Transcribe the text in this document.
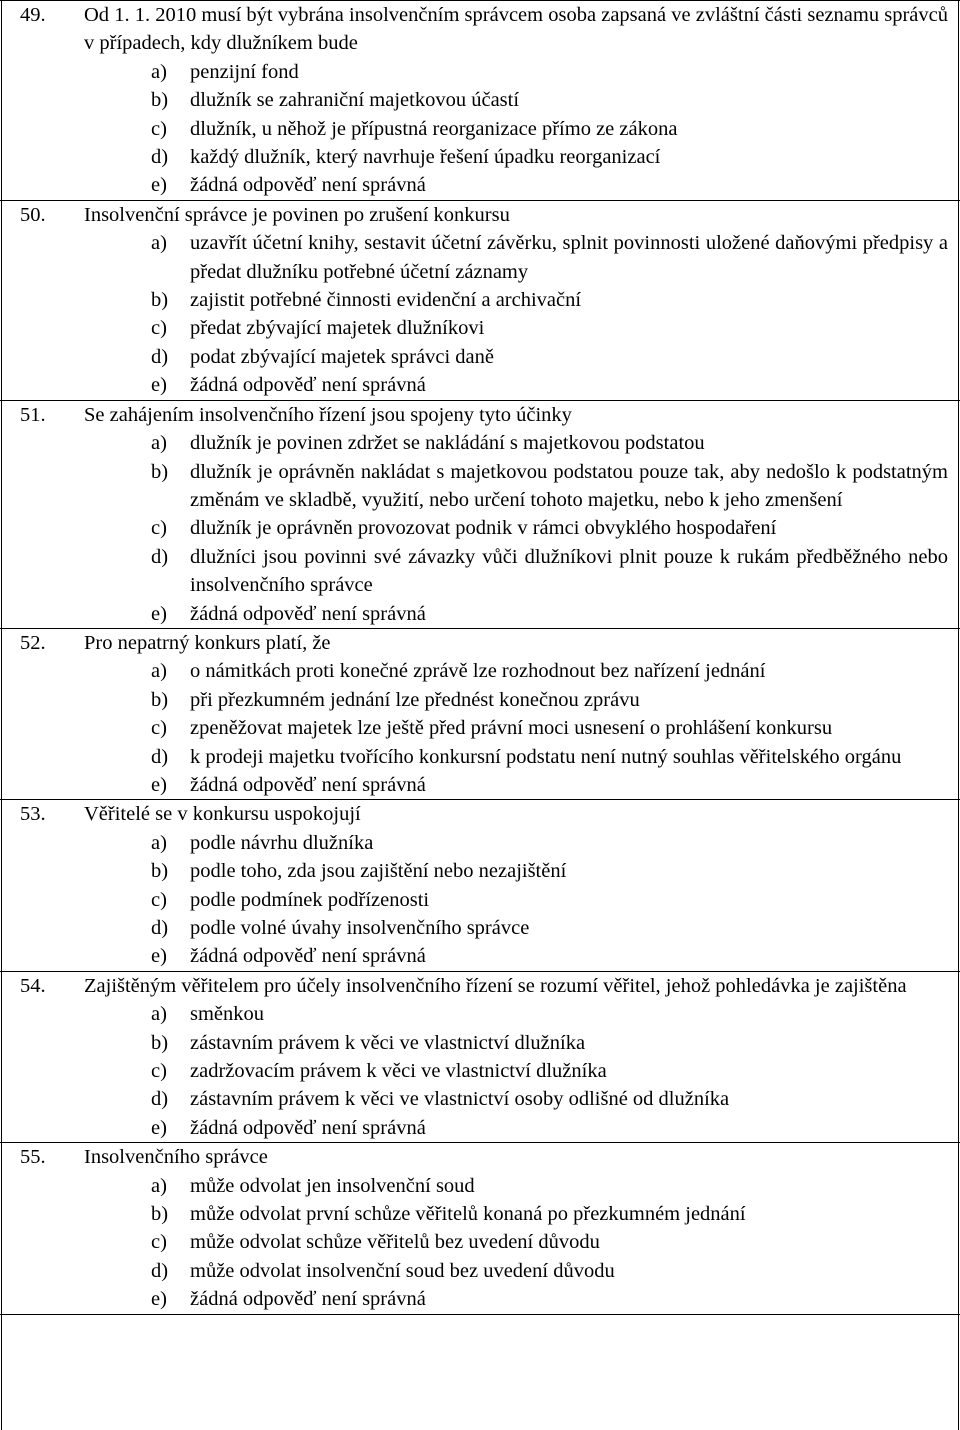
49. Od 1. 1. 2010 musí být vybrána insolvenčním správcem osoba zapsaná ve zvláštní části seznamu správců v případech, kdy dlužníkem bude
a) penzijní fond
b) dlužník se zahraniční majetkovou účastí
c) dlužník, u něhož je přípustná reorganizace přímo ze zákona
d) každý dlužník, který navrhuje řešení úpadku reorganizací
e) žádná odpověď není správná
50. Insolvenční správce je povinen po zrušení konkursu
a) uzavřít účetní knihy, sestavit účetní závěrku, splnit povinnosti uložené daňovými předpisy a předat dlužníku potřebné účetní záznamy
b) zajistit potřebné činnosti evidenční a archivační
c) předat zbývající majetek dlužníkovi
d) podat zbývající majetek správci daně
e) žádná odpověď není správná
51. Se zahájením insolvenčního řízení jsou spojeny tyto účinky
a) dlužník je povinen zdržet se nakládání s majetkovou podstatou
b) dlužník je oprávněn nakládat s majetkovou podstatou pouze tak, aby nedošlo k podstatným změnám ve skladbě, využití, nebo určení tohoto majetku, nebo k jeho zmenšení
c) dlužník je oprávněn provozovat podnik v rámci obvyklého hospodaření
d) dlužníci jsou povinni své závazky vůči dlužníkovi plnit pouze k rukám předběžného nebo insolvenčního správce
e) žádná odpověď není správná
52. Pro nepatrný konkurs platí, že
a) o námitkách proti konečné zprávě lze rozhodnout bez nařízení jednání
b) při přezkumném jednání lze přednést konečnou zprávu
c) zpeněžovat majetek lze ještě před právní moci usnesení o prohlášení konkursu
d) k prodeji majetku tvořícího konkursní podstatu není nutný souhlas věřitelského orgánu
e) žádná odpověď není správná
53. Věřitelé se v konkursu uspokojují
a) podle návrhu dlužníka
b) podle toho, zda jsou zajištění nebo nezajištění
c) podle podmínek podřízenosti
d) podle volné úvahy insolvenčního správce
e) žádná odpověď není správná
54. Zajištěným věřitelem pro účely insolvenčního řízení se rozumí věřitel, jehož pohledávka je zajištěna
a) směnkou
b) zástavním právem k věci ve vlastnictví dlužníka
c) zadržovacím právem k věci ve vlastnictví dlužníka
d) zástavním právem k věci ve vlastnictví osoby odlišné od dlužníka
e) žádná odpověď není správná
55. Insolvenčního správce
a) může odvolat jen insolvenční soud
b) může odvolat první schůze věřitelů konaná po přezkumném jednání
c) může odvolat schůze věřitelů bez uvedení důvodu
d) může odvolat insolvenční soud bez uvedení důvodu
e) žádná odpověď není správná
